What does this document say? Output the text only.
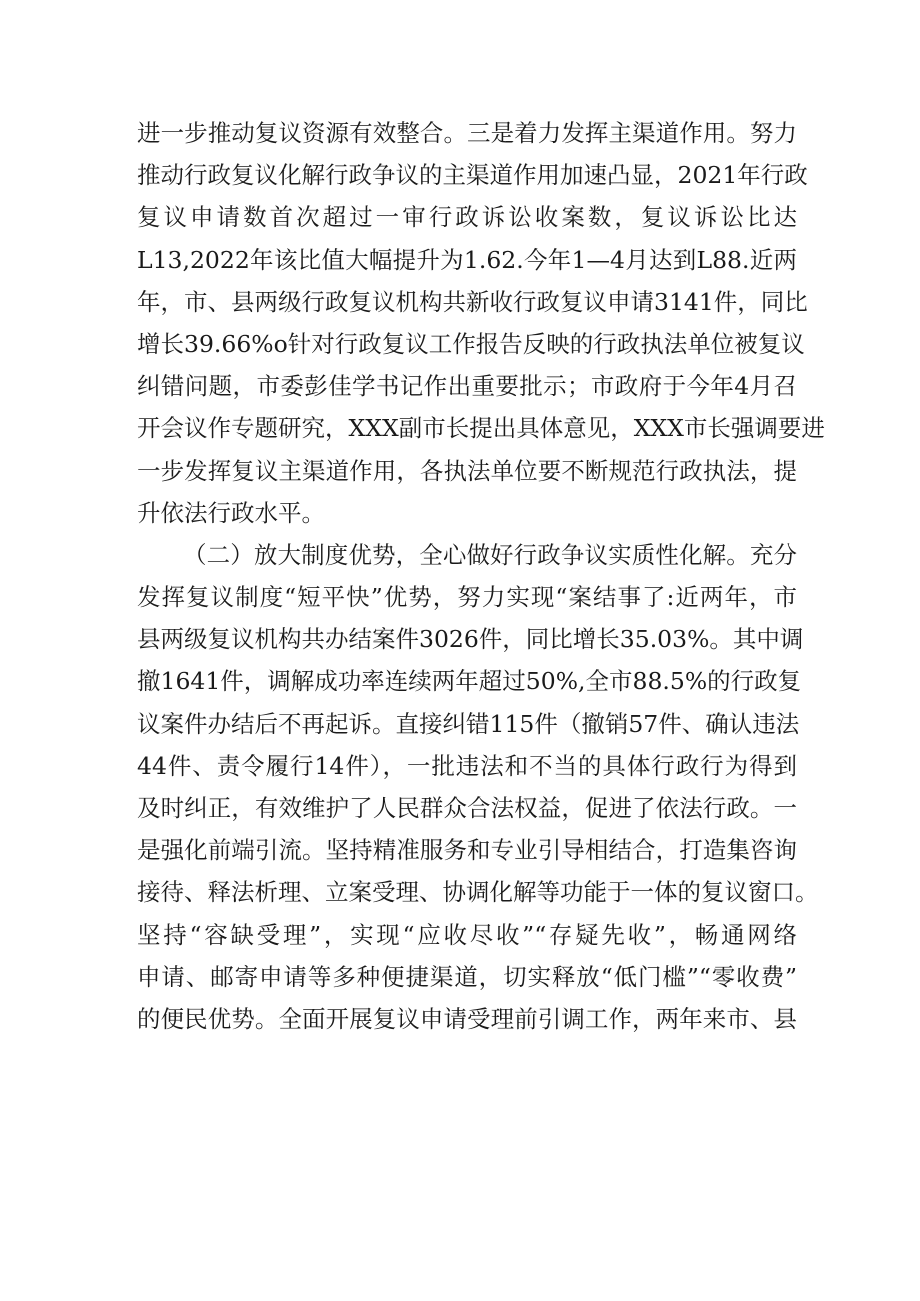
进一步推动复议资源有效整合。三是着力发挥主渠道作用。努力
推动行政复议化解行政争议的主渠道作用加速凸显，2021年行政
复议申请数首次超过一审行政诉讼收案数，复议诉讼比达
L13,2022年该比值大幅提升为1.62.今年1—4月达到L88.近两
年，市、县两级行政复议机构共新收行政复议申请3141件，同比
增长39.66%o针对行政复议工作报告反映的行政执法单位被复议
纠错问题，市委彭佳学书记作出重要批示；市政府于今年4月召
开会议作专题研究，XXX副市长提出具体意见，XXX市长强调要进
一步发挥复议主渠道作用，各执法单位要不断规范行政执法，提
升依法行政水平。
（二）放大制度优势，全心做好行政争议实质性化解。充分
发挥复议制度“短平快”优势，努力实现“案结事了:近两年，市
县两级复议机构共办结案件3026件，同比增长35.03%。其中调
撤1641件，调解成功率连续两年超过50%,全市88.5%的行政复
议案件办结后不再起诉。直接纠错115件（撤销57件、确认违法
44件、责令履行14件），一批违法和不当的具体行政行为得到
及时纠正，有效维护了人民群众合法权益，促进了依法行政。一
是强化前端引流。坚持精准服务和专业引导相结合，打造集咨询
接待、释法析理、立案受理、协调化解等功能于一体的复议窗口。
坚持“容缺受理”，实现“应收尽收”“存疑先收”，畅通网络
申请、邮寄申请等多种便捷渠道，切实释放“低门槛”“零收费”
的便民优势。全面开展复议申请受理前引调工作，两年来市、县
